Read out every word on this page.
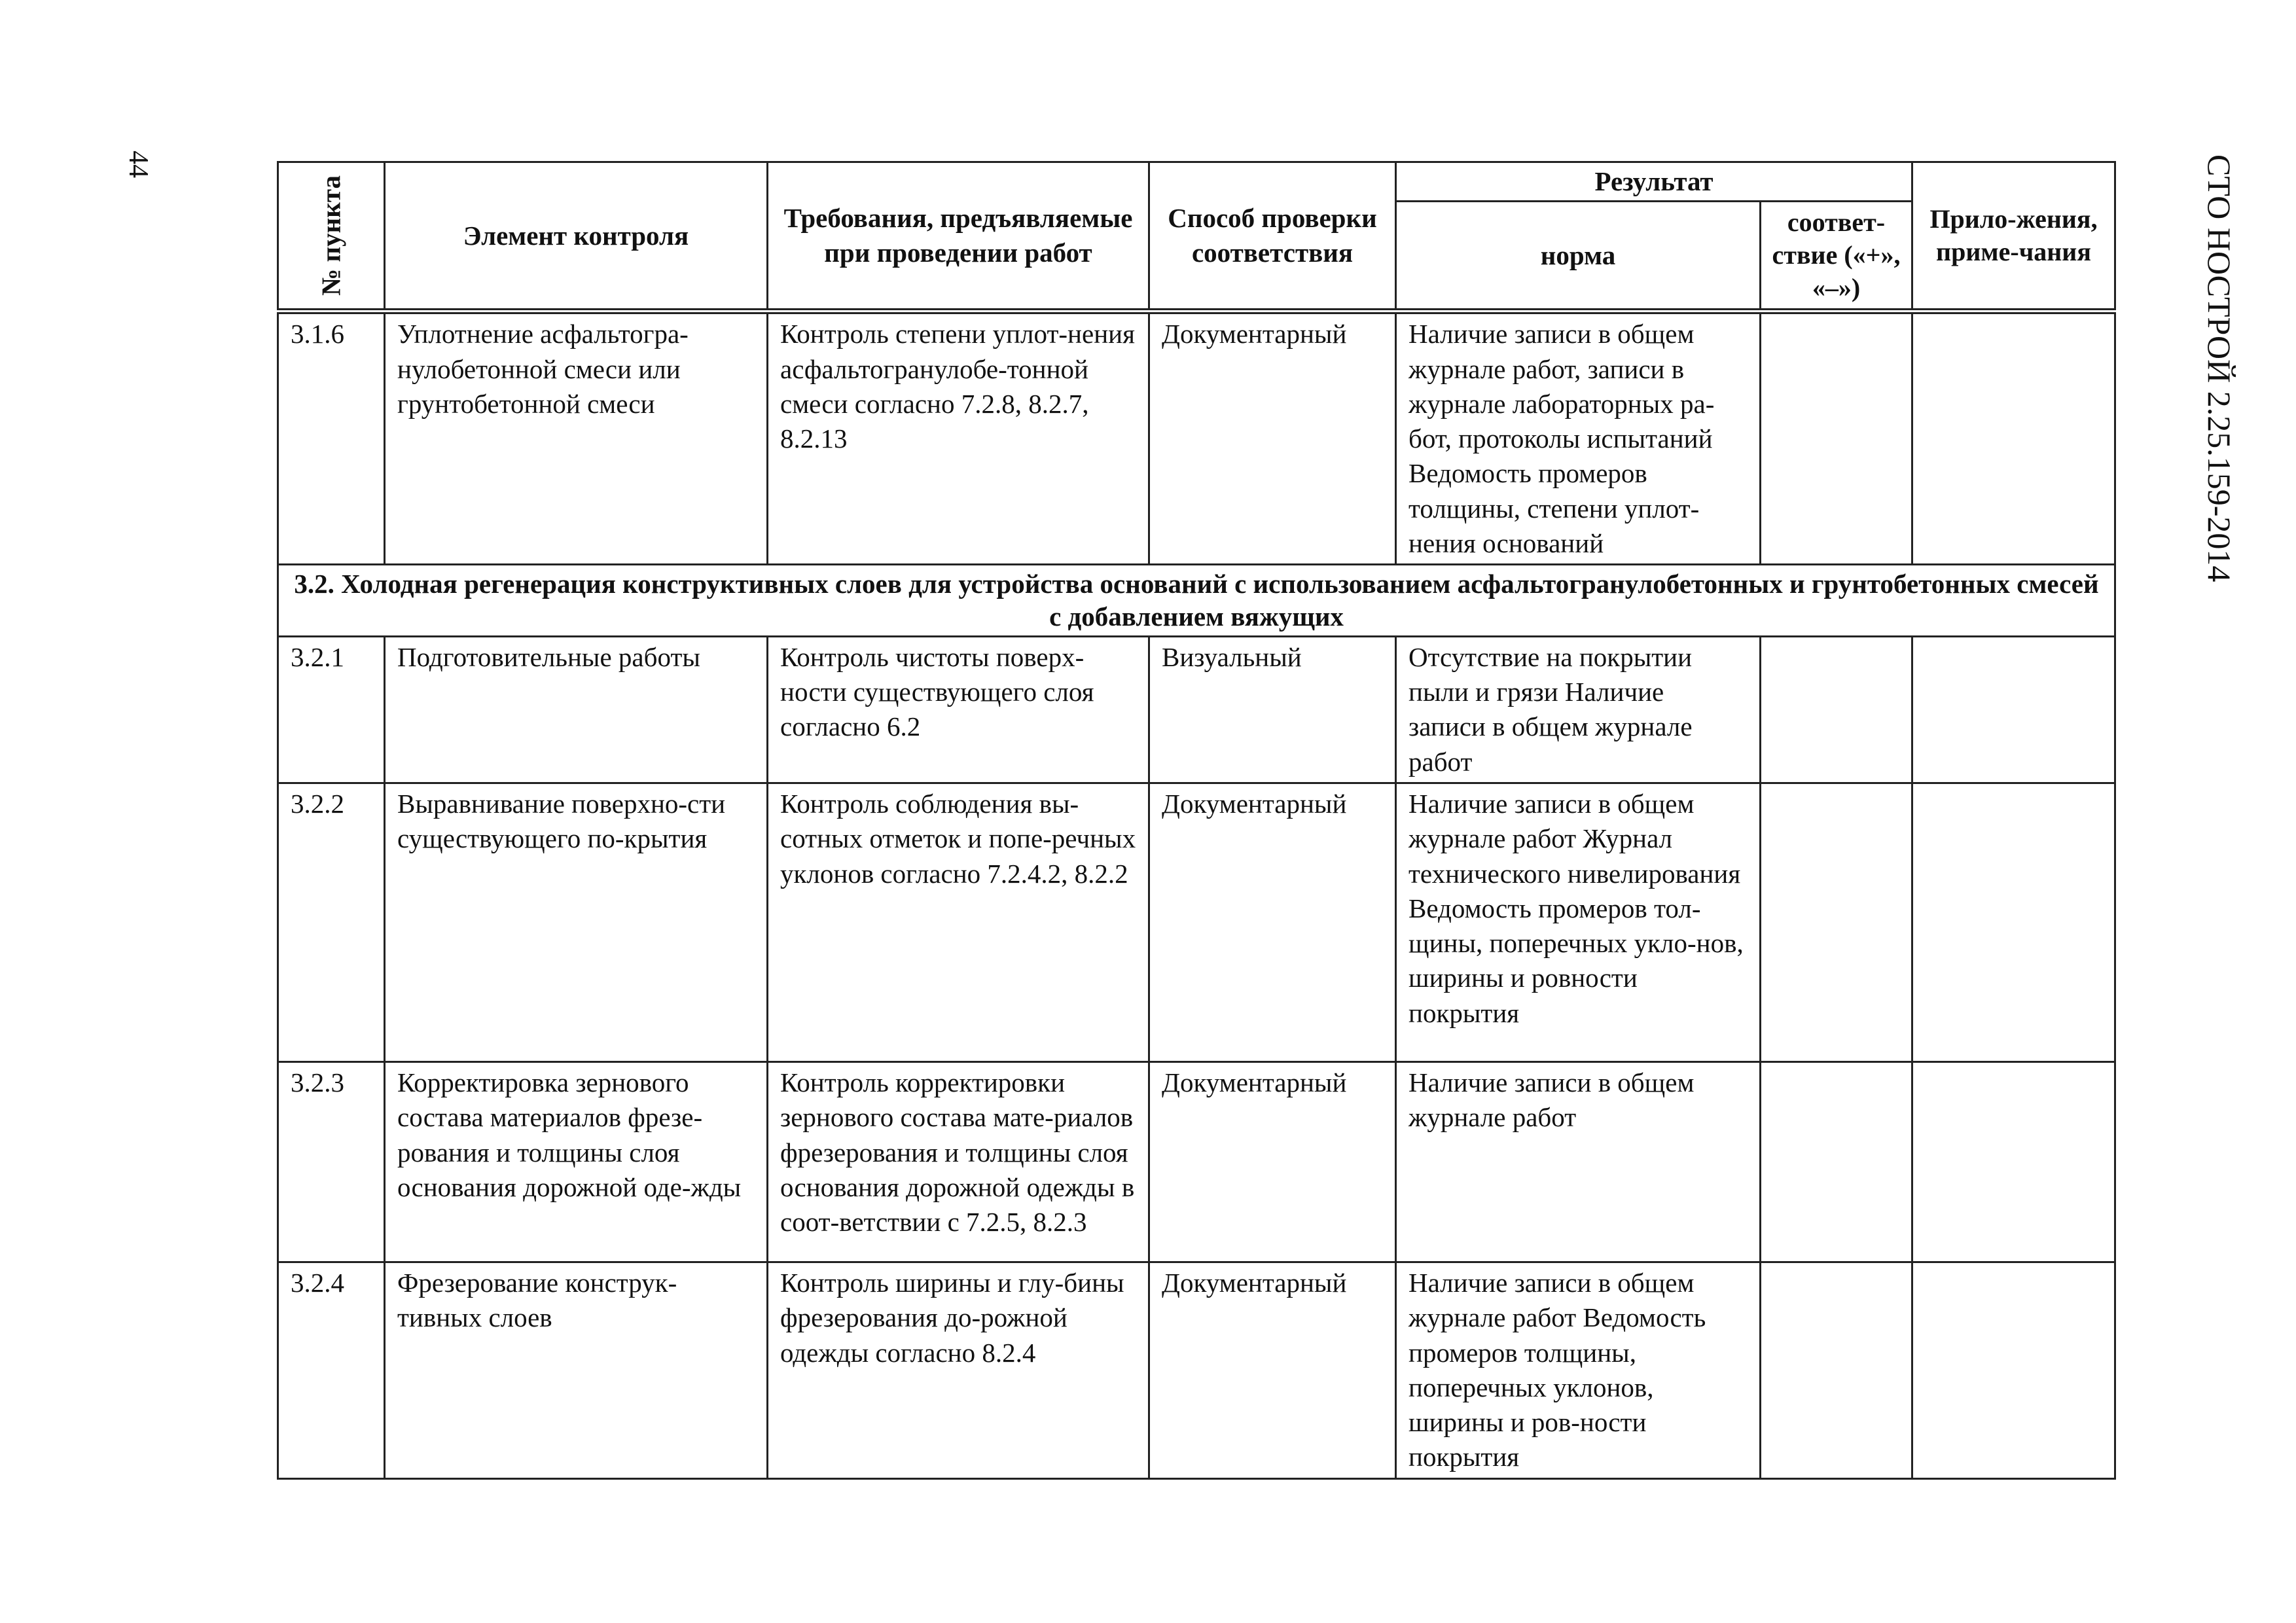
44	СТО НОСТРОЙ 2.25.159-2014
№ пункта	Элемент контроля	Требования, предъявляемые при проведении работ	Способ проверки соответствия	Результат		Прило-жения, приме-чания
				норма	соответ-ствие («+», «–»)	
3.1.6	Уплотнение асфальтогра-нулобетонной смеси или грунтобетонной смеси	Контроль степени уплот-нения асфальтогранулобе-тонной смеси согласно 7.2.8, 8.2.7, 8.2.13	Документарный	Наличие записи в общем журнале работ, записи в журнале лабораторных ра-бот, протоколы испытаний Ведомость промеров толщины, степени уплот-нения оснований		
3.2. Холодная регенерация конструктивных слоев для устройства оснований с использованием асфальтогранулобетонных и грунтобетонных смесей с добавлением вяжущих						
3.2.1	Подготовительные работы	Контроль чистоты поверх-ности существующего слоя согласно 6.2	Визуальный	Отсутствие на покрытии пыли и грязи Наличие записи в общем журнале работ		
3.2.2	Выравнивание поверхно-сти существующего по-крытия	Контроль соблюдения вы-сотных отметок и попе-речных уклонов согласно 7.2.4.2, 8.2.2	Документарный	Наличие записи в общем журнале работ Журнал технического нивелирования Ведомость промеров тол-щины, поперечных укло-нов, ширины и ровности покрытия		
3.2.3	Корректировка зернового состава материалов фрезе-рования и толщины слоя основания дорожной оде-жды	Контроль корректировки зернового состава мате-риалов фрезерования и толщины слоя основания дорожной одежды в соот-ветствии с 7.2.5, 8.2.3	Документарный	Наличие записи в общем журнале работ		
3.2.4	Фрезерование конструк-тивных слоев	Контроль ширины и глу-бины фрезерования до-рожной одежды согласно 8.2.4	Документарный	Наличие записи в общем журнале работ Ведомость промеров толщины, поперечных уклонов, ширины и ров-ности покрытия		
